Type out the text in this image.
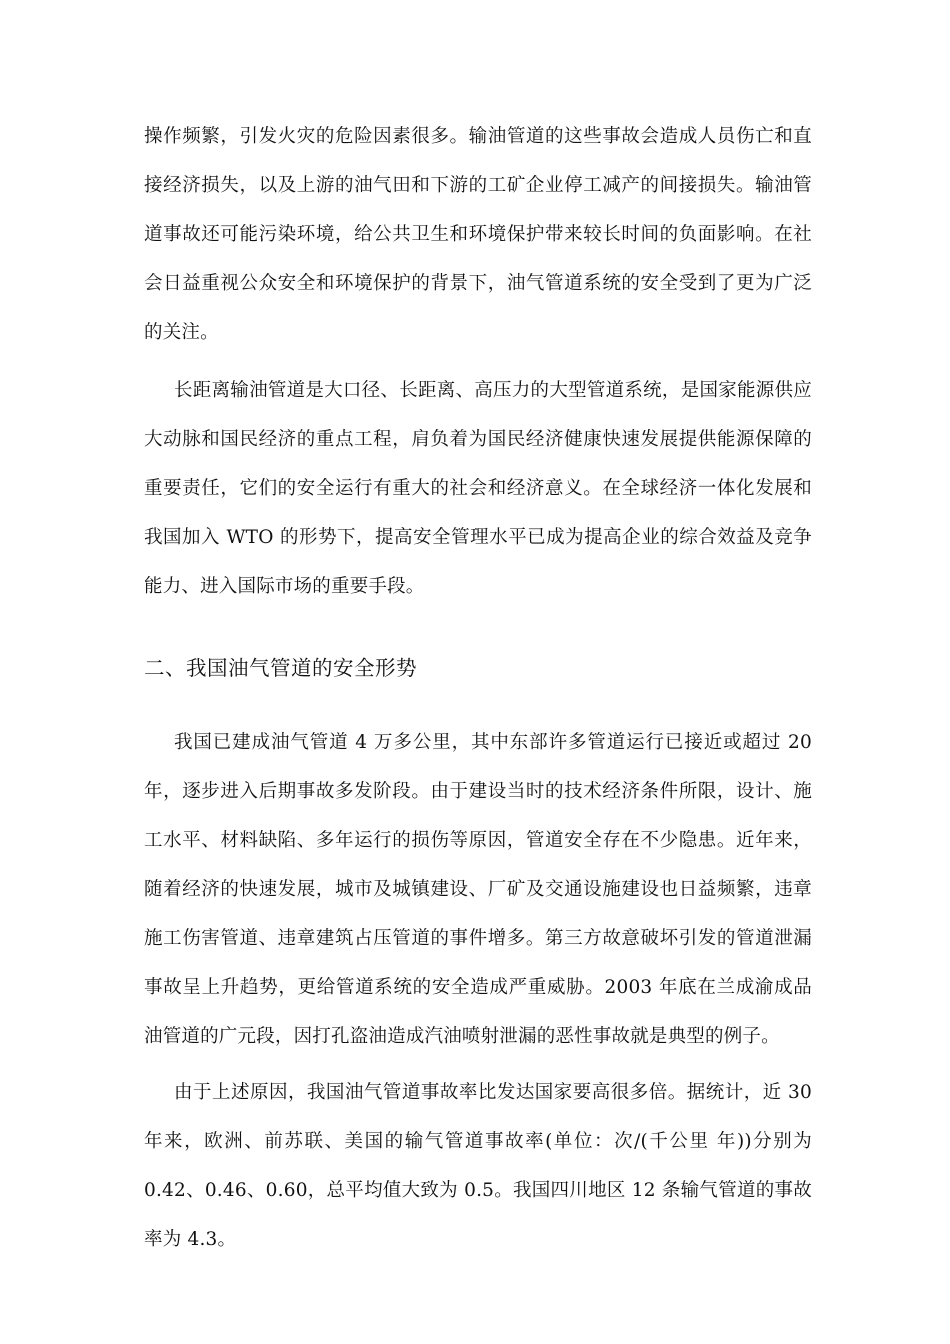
操作频繁，引发火灾的危险因素很多。输油管道的这些事故会造成人员伤亡和直接经济损失，以及上游的油气田和下游的工矿企业停工减产的间接损失。输油管道事故还可能污染环境，给公共卫生和环境保护带来较长时间的负面影响。在社会日益重视公众安全和环境保护的背景下，油气管道系统的安全受到了更为广泛的关注。

长距离输油管道是大口径、长距离、高压力的大型管道系统，是国家能源供应大动脉和国民经济的重点工程，肩负着为国民经济健康快速发展提供能源保障的重要责任，它们的安全运行有重大的社会和经济意义。在全球经济一体化发展和我国加入 WTO 的形势下，提高安全管理水平已成为提高企业的综合效益及竞争能力、进入国际市场的重要手段。

二、我国油气管道的安全形势

我国已建成油气管道 4 万多公里，其中东部许多管道运行已接近或超过 20 年，逐步进入后期事故多发阶段。由于建设当时的技术经济条件所限，设计、施工水平、材料缺陷、多年运行的损伤等原因，管道安全存在不少隐患。近年来，随着经济的快速发展，城市及城镇建设、厂矿及交通设施建设也日益频繁，违章施工伤害管道、违章建筑占压管道的事件增多。第三方故意破坏引发的管道泄漏事故呈上升趋势，更给管道系统的安全造成严重威胁。2003 年底在兰成渝成品油管道的广元段，因打孔盗油造成汽油喷射泄漏的恶性事故就是典型的例子。

由于上述原因，我国油气管道事故率比发达国家要高很多倍。据统计，近 30 年来，欧洲、前苏联、美国的输气管道事故率(单位：次/(千公里 年))分别为 0.42、0.46、0.60，总平均值大致为 0.5。我国四川地区 12 条输气管道的事故率为 4.3。
